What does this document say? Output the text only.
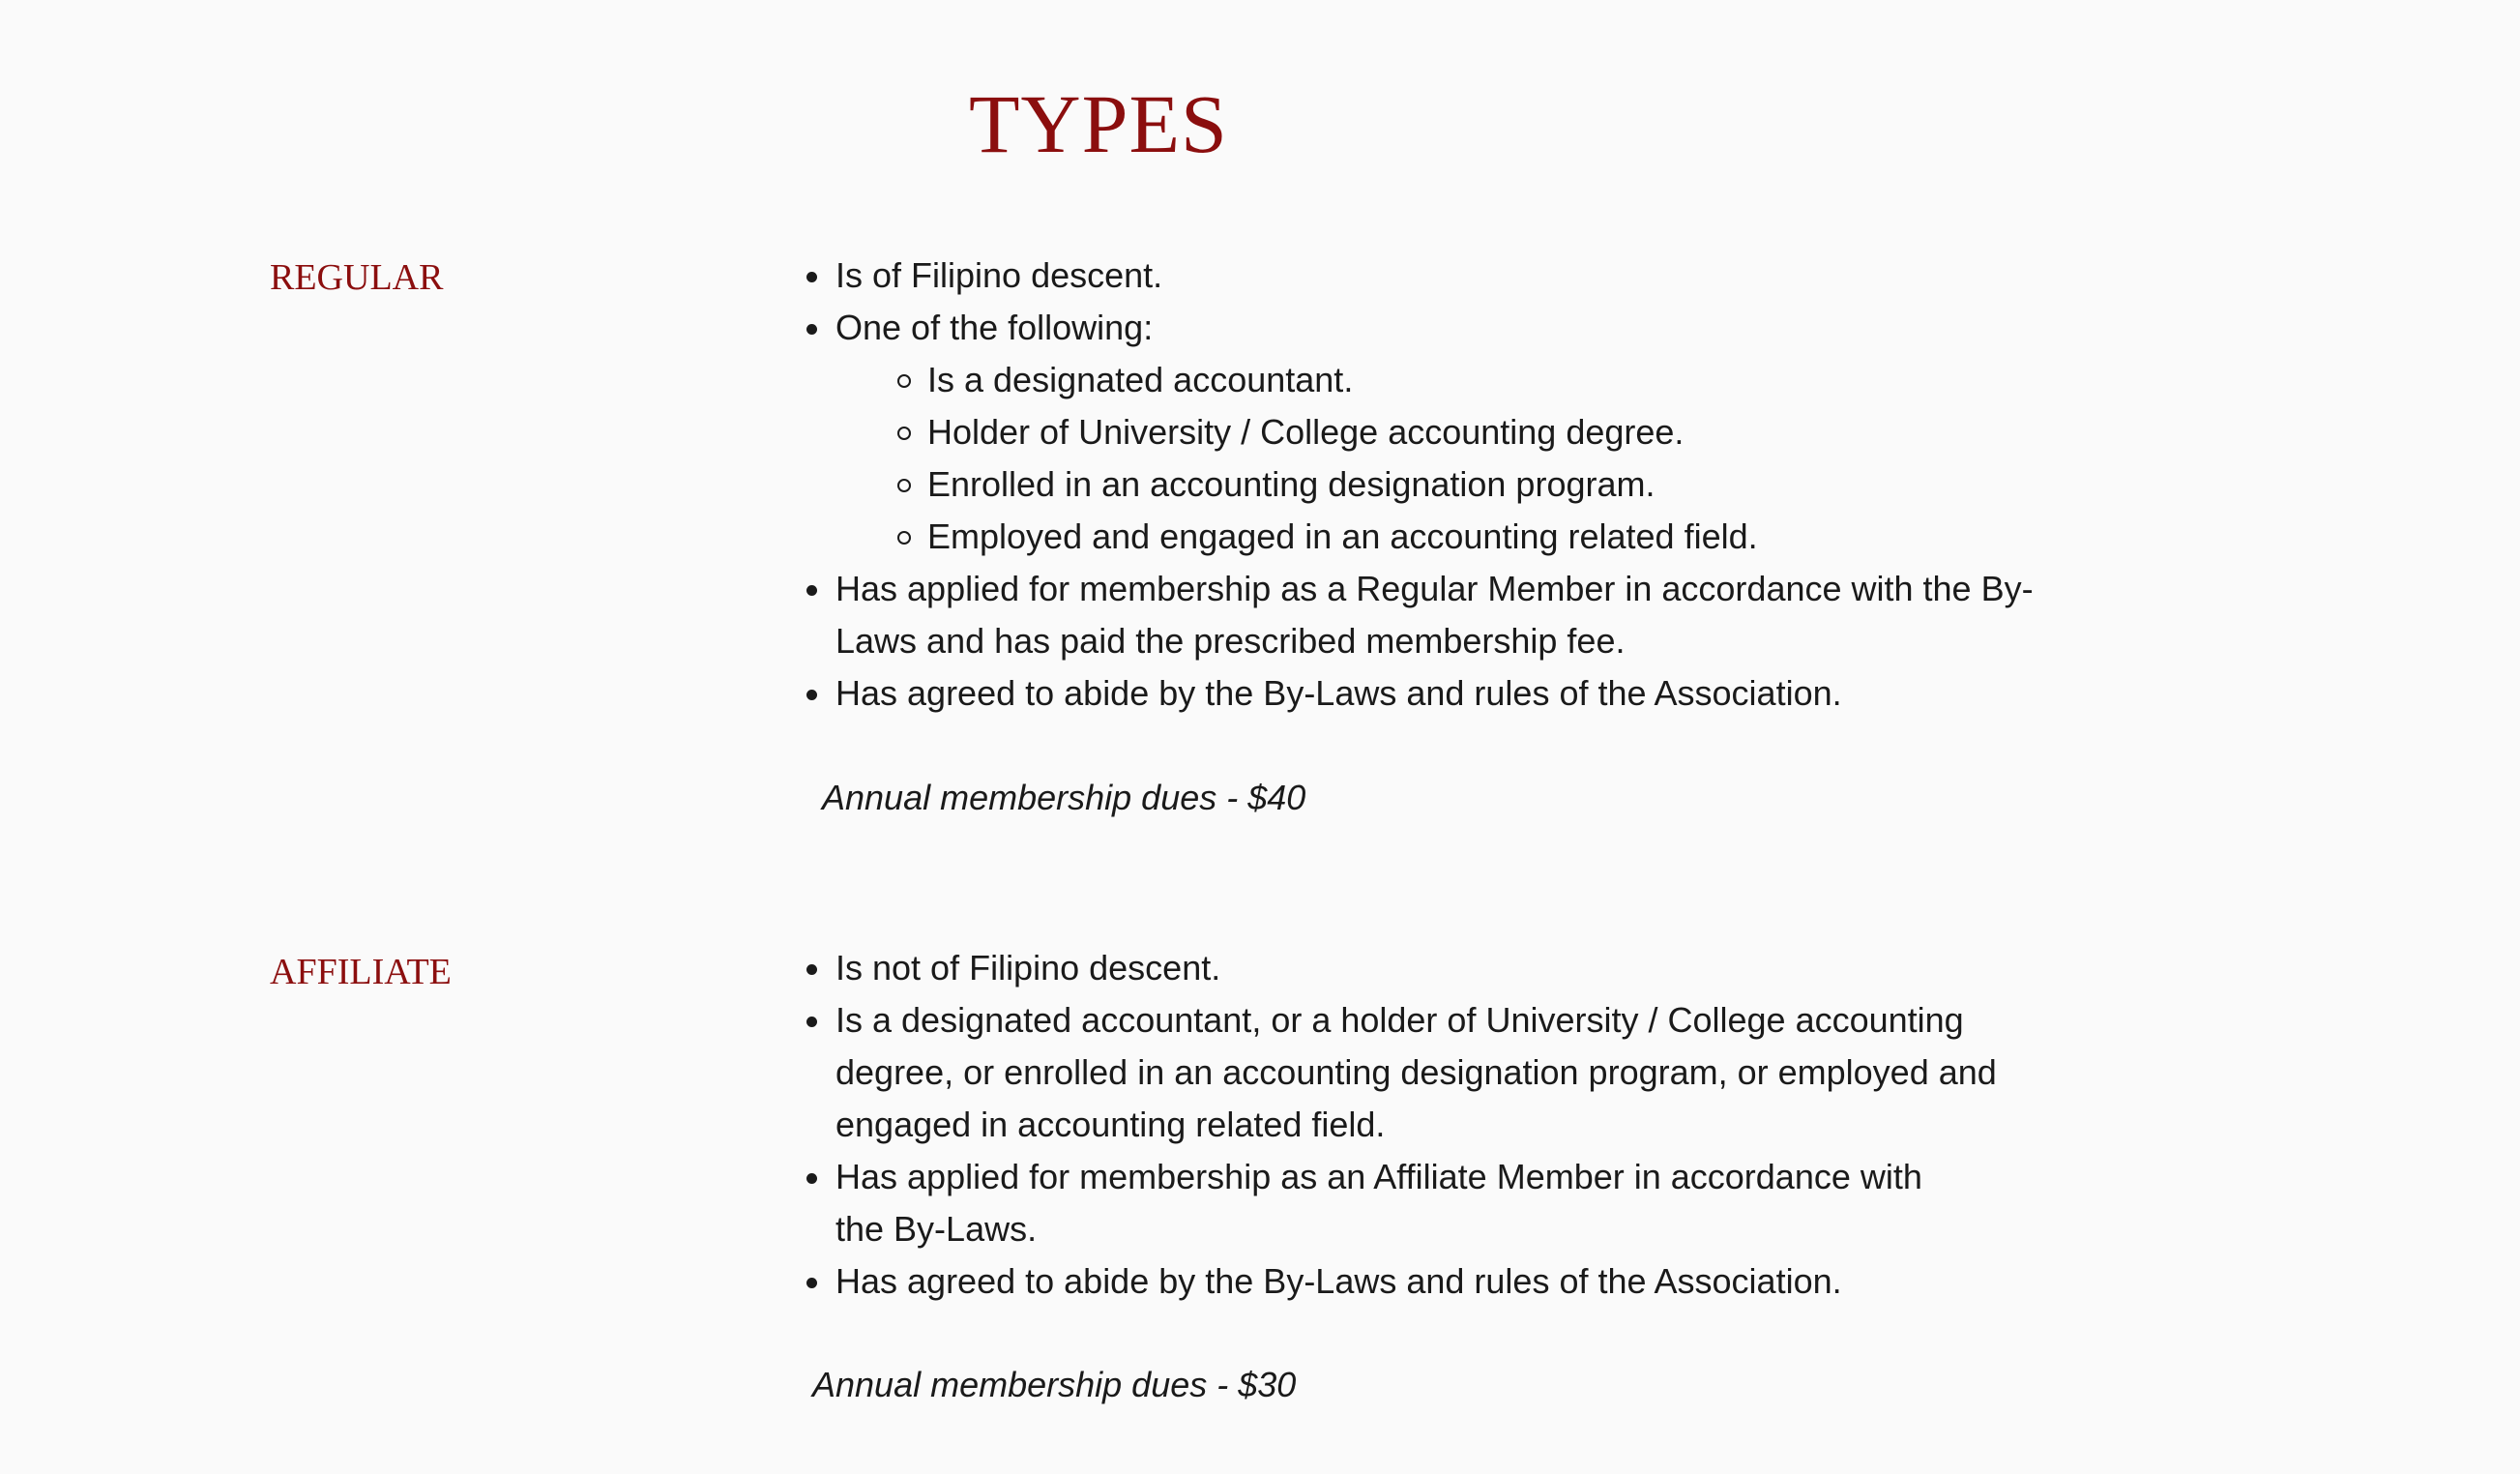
TYPES
REGULAR	Is of Filipino descent.
One of the following:
Is a designated accountant.
Holder of University / College accounting degree.
Enrolled in an accounting designation program.
Employed and engaged in an accounting related field.
Has applied for membership as a Regular Member in accordance with the By-Laws and has paid the prescribed membership fee.
Has agreed to abide by the By-Laws and rules of the Association.

Annual membership dues - $40

AFFILIATE	Is not of Filipino descent.
Is a designated accountant, or a holder of University / College accounting degree, or enrolled in an accounting designation program, or employed and engaged in accounting related field.
Has applied for membership as an Affiliate Member in accordance with the By-Laws.
Has agreed to abide by the By-Laws and rules of the Association.

Annual membership dues - $30
